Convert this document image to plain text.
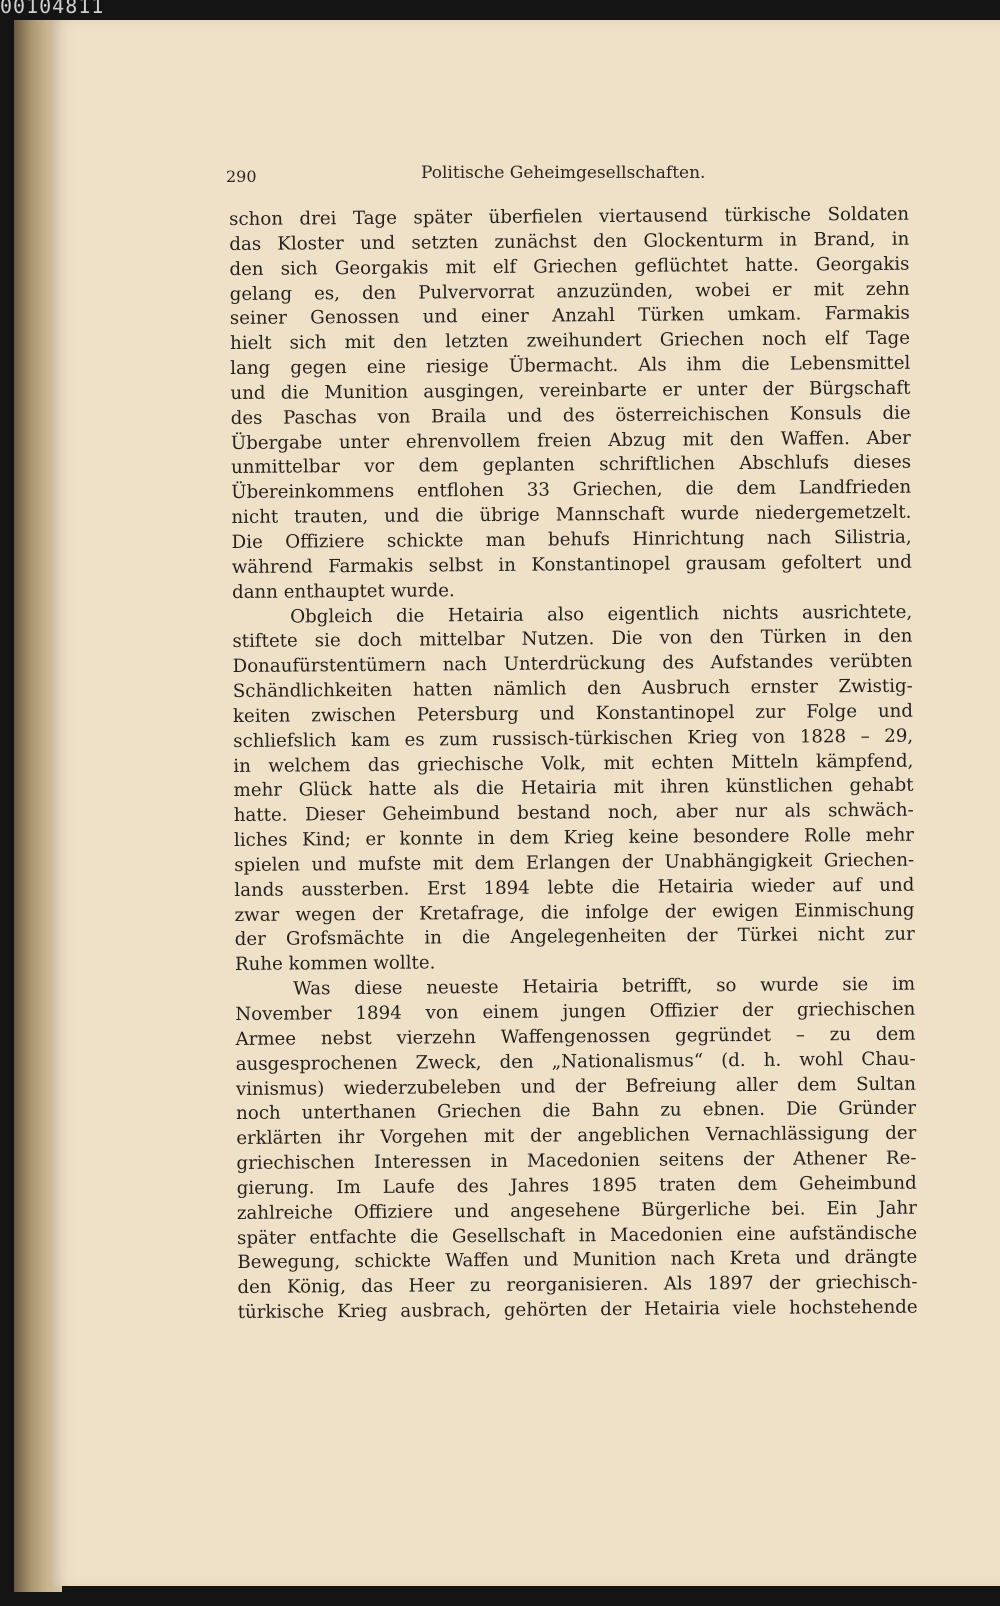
00104811
290	Politische Geheimgesellschaften.
schon drei Tage später überfielen viertausend türkische Soldaten
das Kloster und setzten zunächst den Glockenturm in Brand, in
den sich Georgakis mit elf Griechen geflüchtet hatte. Georgakis
gelang es, den Pulvervorrat anzuzünden, wobei er mit zehn
seiner Genossen und einer Anzahl Türken umkam. Farmakis
hielt sich mit den letzten zweihundert Griechen noch elf Tage
lang gegen eine riesige Übermacht. Als ihm die Lebensmittel
und die Munition ausgingen, vereinbarte er unter der Bürgschaft
des Paschas von Braila und des österreichischen Konsuls die
Übergabe unter ehrenvollem freien Abzug mit den Waffen. Aber
unmittelbar vor dem geplanten schriftlichen Abschlufs dieses
Übereinkommens entflohen 33 Griechen, die dem Landfrieden
nicht trauten, und die übrige Mannschaft wurde niedergemetzelt.
Die Offiziere schickte man behufs Hinrichtung nach Silistria,
während Farmakis selbst in Konstantinopel grausam gefoltert und
dann enthauptet wurde.
Obgleich die Hetairia also eigentlich nichts ausrichtete,
stiftete sie doch mittelbar Nutzen. Die von den Türken in den
Donaufürstentümern nach Unterdrückung des Aufstandes verübten
Schändlichkeiten hatten nämlich den Ausbruch ernster Zwistig-
keiten zwischen Petersburg und Konstantinopel zur Folge und
schliefslich kam es zum russisch-türkischen Krieg von 1828 – 29,
in welchem das griechische Volk, mit echten Mitteln kämpfend,
mehr Glück hatte als die Hetairia mit ihren künstlichen gehabt
hatte. Dieser Geheimbund bestand noch, aber nur als schwäch-
liches Kind; er konnte in dem Krieg keine besondere Rolle mehr
spielen und mufste mit dem Erlangen der Unabhängigkeit Griechen-
lands aussterben. Erst 1894 lebte die Hetairia wieder auf und
zwar wegen der Kretafrage, die infolge der ewigen Einmischung
der Grofsmächte in die Angelegenheiten der Türkei nicht zur
Ruhe kommen wollte.
Was diese neueste Hetairia betrifft, so wurde sie im
November 1894 von einem jungen Offizier der griechischen
Armee nebst vierzehn Waffengenossen gegründet – zu dem
ausgesprochenen Zweck, den „Nationalismus“ (d. h. wohl Chau-
vinismus) wiederzubeleben und der Befreiung aller dem Sultan
noch unterthanen Griechen die Bahn zu ebnen. Die Gründer
erklärten ihr Vorgehen mit der angeblichen Vernachlässigung der
griechischen Interessen in Macedonien seitens der Athener Re-
gierung. Im Laufe des Jahres 1895 traten dem Geheimbund
zahlreiche Offiziere und angesehene Bürgerliche bei. Ein Jahr
später entfachte die Gesellschaft in Macedonien eine aufständische
Bewegung, schickte Waffen und Munition nach Kreta und drängte
den König, das Heer zu reorganisieren. Als 1897 der griechisch-
türkische Krieg ausbrach, gehörten der Hetairia viele hochstehende
